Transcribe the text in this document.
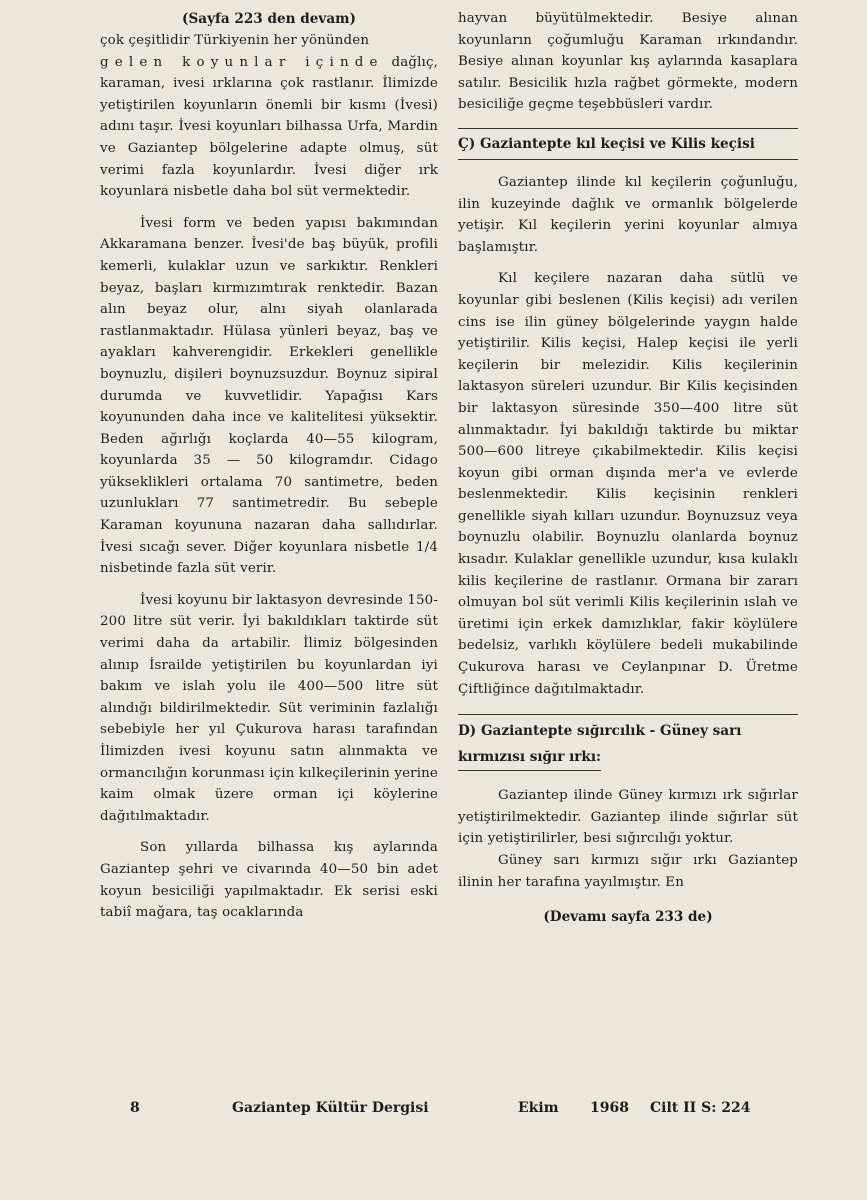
(Sayfa 223 den devam)

çok çeşitlidir Türkiyenin her yönünden
gelen koyunlar içinde dağlıç, karaman, ivesi ırklarına çok rastlanır. İlimizde yetiştirilen koyunların önemli bir kısmı (İvesi) adını taşır. İvesi koyunları bilhassa Urfa, Mardin ve Gaziantep bölgelerine adapte olmuş, süt verimi fazla koyunlardır. İvesi diğer ırk koyunlara nisbetle daha bol süt vermektedir.

İvesi form ve beden yapısı bakımından Akkaramana benzer. İvesi'de baş büyük, profili kemerli, kulaklar uzun ve sarkıktır. Renkleri beyaz, başları kırmızımtırak renktedir. Bazan alın beyaz olur, alnı siyah olanlarada rastlanmaktadır. Hülasa yünleri beyaz, baş ve ayakları kahverengidir. Erkekleri genellikle boynuzlu, dişileri boynuzsuzdur. Boynuz sipiral durumda ve kuvvetlidir. Yapağısı Kars koyununden daha ince ve kalitelitesi yüksektir. Beden ağırlığı koçlarda 40—55 kilogram, koyunlarda 35 — 50 kilogramdır. Cidago yükseklikleri ortalama 70 santimetre, beden uzunlukları 77 santimetredir. Bu sebeple Karaman koyununa nazaran daha sallıdırlar. İvesi sıcağı sever. Diğer koyunlara nisbetle 1/4 nisbetinde fazla süt verir.

İvesi koyunu bir laktasyon devresinde 150-200 litre süt verir. İyi bakıldıkları taktirde süt verimi daha da artabilir. İlimiz bölgesinden alınıp İsrailde yetiştirilen bu koyunlardan iyi bakım ve islah yolu ile 400—500 litre süt alındığı bildirilmektedir. Süt veriminin fazlalığı sebebiyle her yıl Çukurova harası tarafından İlimizden ivesi koyunu satın alınmakta ve ormancılığın korunması için kılkeçilerinin yerine kaim olmak üzere orman içi köylerine dağıtılmaktadır.

Son yıllarda bilhassa kış aylarında Gaziantep şehri ve civarında 40—50 bin adet koyun besiciliği yapılmaktadır. Ek serisi eski tabiî mağara, taş ocaklarında

hayvan büyütülmektedir. Besiye alınan koyunların çoğumluğu Karaman ırkındandır. Besiye alınan koyunlar kış aylarında kasaplara satılır. Besicilik hızla rağbet görmekte, modern besiciliğe geçme teşebbüsleri vardır.

Ç) Gaziantepte kıl keçisi ve Kilis keçisi

Gaziantep ilinde kıl keçilerin çoğunluğu, ilin kuzeyinde dağlık ve ormanlık bölgelerde yetişir. Kıl keçilerin yerini koyunlar almıya başlamıştır.

Kıl keçilere nazaran daha sütlü ve koyunlar gibi beslenen (Kilis keçisi) adı verilen cins ise ilin güney bölgelerinde yaygın halde yetiştirilir. Kilis keçisi, Halep keçisi ile yerli keçilerin bir melezidir. Kilis keçilerinin laktasyon süreleri uzundur. Bir Kilis keçisinden bir laktasyon süresinde 350—400 litre süt alınmaktadır. İyi bakıldığı taktirde bu miktar 500—600 litreye çıkabilmektedir. Kilis keçisi koyun gibi orman dışında mer'a ve evlerde beslenmektedir. Kilis keçisinin renkleri genellikle siyah kılları uzundur. Boynuzsuz veya boynuzlu olabilir. Boynuzlu olanlarda boynuz kısadır. Kulaklar genellikle uzundur, kısa kulaklı kilis keçilerine de rastlanır. Ormana bir zararı olmuyan bol süt verimli Kilis keçilerinin ıslah ve üretimi için erkek damızlıklar, fakir köylülere bedelsiz, varlıklı köylülere bedeli mukabilinde Çukurova harası ve Ceylanpınar D. Üretme Çiftliğince dağıtılmaktadır.

D) Gaziantepte sığırcılık - Güney sarı
kırmızısı sığır ırkı:

Gaziantep ilinde Güney kırmızı ırk sığırlar yetiştirilmektedir. Gaziantep ilinde sığırlar süt için yetiştirilirler, besi sığırcılığı yoktur.

Güney sarı kırmızı sığır ırkı Gaziantep ilinin her tarafına yayılmıştır. En

(Devamı sayfa 233 de)
8	Gaziantep Kültür Dergisi	Ekim 1968 Cilt II S: 224
